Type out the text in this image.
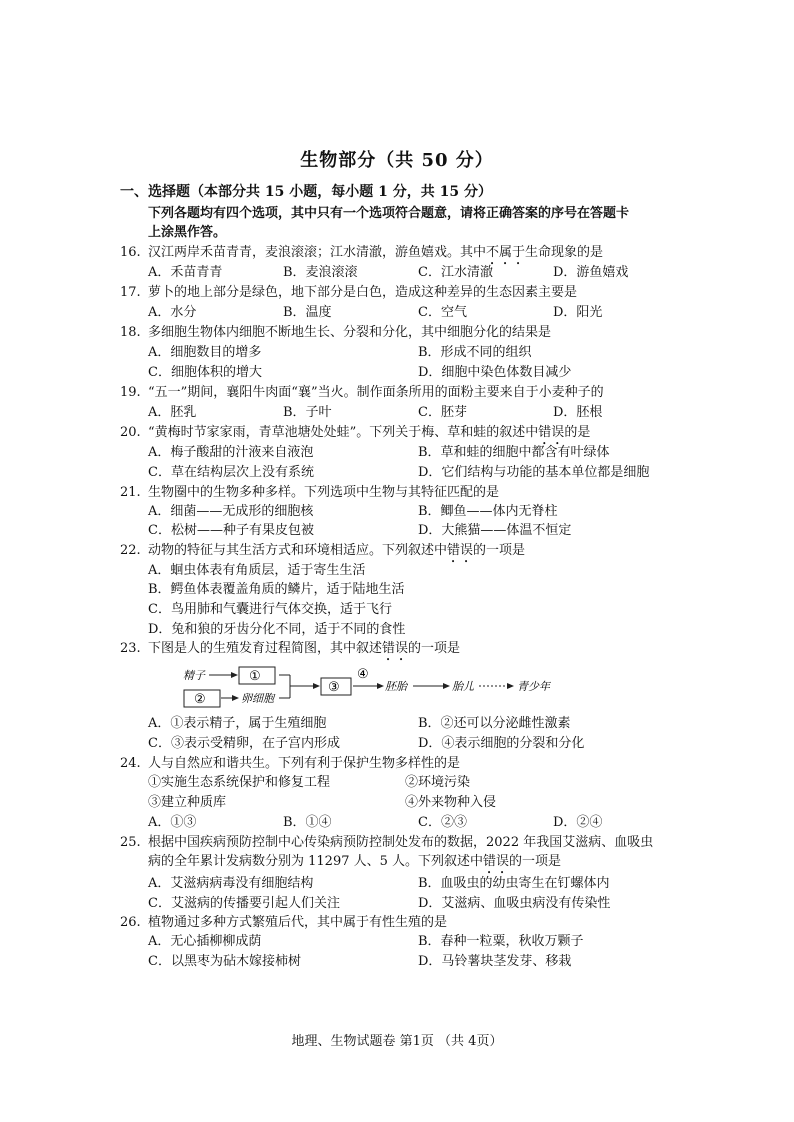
生物部分（共 50 分）
一、选择题（本部分共 15 小题，每小题 1 分，共 15 分）
下列各题均有四个选项，其中只有一个选项符合题意，请将正确答案的序号在答题卡
上涂黑作答。
16. 汉江两岸禾苗青青，麦浪滚滚；江水清澈，游鱼嬉戏。其中不属于生命现象的是
A．禾苗青青	B．麦浪滚滚	C．江水清澈	D．游鱼嬉戏
17. 萝卜的地上部分是绿色，地下部分是白色，造成这种差异的生态因素主要是
A．水分	B．温度	C．空气	D．阳光
18. 多细胞生物体内细胞不断地生长、分裂和分化，其中细胞分化的结果是
A．细胞数目的增多	B．形成不同的组织
C．细胞体积的增大	D．细胞中染色体数目减少
19. “五一”期间，襄阳牛肉面“襄”当火。制作面条所用的面粉主要来自于小麦种子的
A．胚乳	B．子叶	C．胚芽	D．胚根
20. “黄梅时节家家雨，青草池塘处处蛙”。下列关于梅、草和蛙的叙述中错误的是
A．梅子酸甜的汁液来自液泡	B．草和蛙的细胞中都含有叶绿体
C．草在结构层次上没有系统	D．它们结构与功能的基本单位都是细胞
21. 生物圈中的生物多种多样。下列选项中生物与其特征匹配的是
A．细菌——无成形的细胞核	B．鲫鱼——体内无脊柱
C．松树——种子有果皮包被	D．大熊猫——体温不恒定
22. 动物的特征与其生活方式和环境相适应。下列叙述中错误的一项是
A．蛔虫体表有角质层，适于寄生生活
B．鳄鱼体表覆盖角质的鳞片，适于陆地生活
C．鸟用肺和气囊进行气体交换，适于飞行
D．兔和狼的牙齿分化不同，适于不同的食性
23. 下图是人的生殖发育过程简图，其中叙述错误的一项是
精子	①
②	卵细胞
③
④
胚胎	胎儿	青少年
A．①表示精子，属于生殖细胞	B．②还可以分泌雌性激素
C．③表示受精卵，在子宫内形成	D．④表示细胞的分裂和分化
24. 人与自然应和谐共生。下列有利于保护生物多样性的是
①实施生态系统保护和修复工程	②环境污染
③建立种质库	④外来物种入侵
A．①③	B．①④	C．②③	D．②④
25. 根据中国疾病预防控制中心传染病预防控制处发布的数据，2022 年我国艾滋病、血吸虫
病的全年累计发病数分别为 11297 人、5 人。下列叙述中错误的一项是
A．艾滋病病毒没有细胞结构	B．血吸虫的幼虫寄生在钉螺体内
C．艾滋病的传播要引起人们关注	D．艾滋病、血吸虫病没有传染性
26. 植物通过多种方式繁殖后代，其中属于有性生殖的是
A．无心插柳柳成荫	B．春种一粒粟，秋收万颗子
C．以黑枣为砧木嫁接柿树	D．马铃薯块茎发芽、移栽
地理、生物试题卷 第1页 （共 4页）
